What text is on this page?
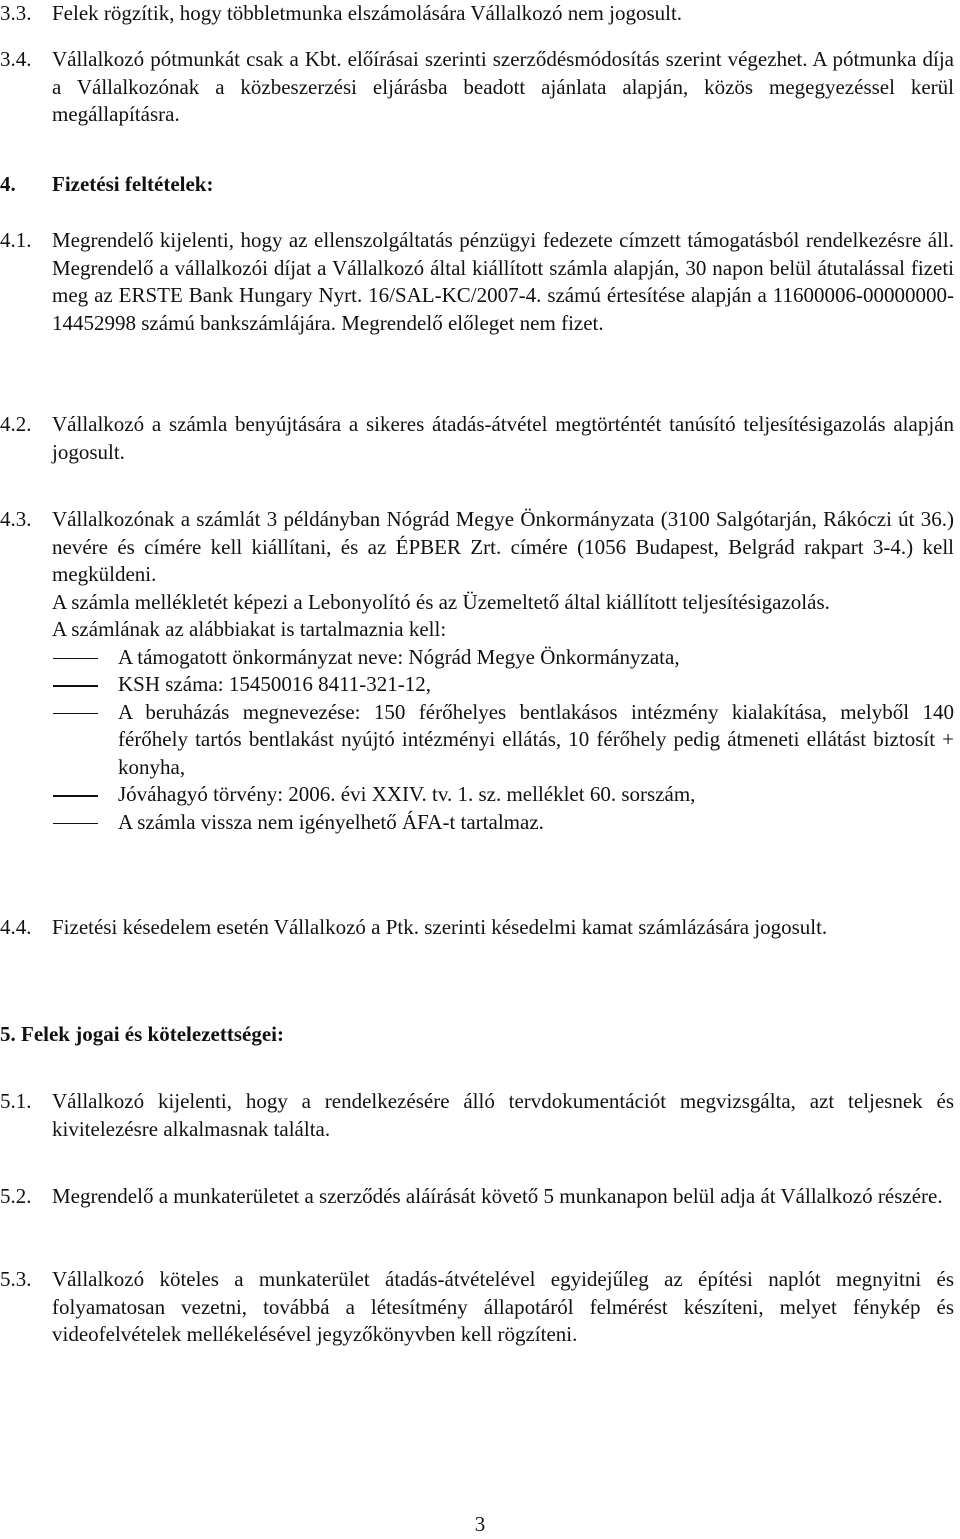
3.3. Felek rögzítik, hogy többletmunka elszámolására Vállalkozó nem jogosult.
3.4. Vállalkozó pótmunkát csak a Kbt. előírásai szerinti szerződésmódosítás szerint végezhet. A pótmunka díja a Vállalkozónak a közbeszerzési eljárásba beadott ajánlata alapján, közös megegyezéssel kerül megállapításra.
4.	Fizetési feltételek:
4.1. Megrendelő kijelenti, hogy az ellenszolgáltatás pénzügyi fedezete címzett támogatásból rendelkezésre áll. Megrendelő a vállalkozói díjat a Vállalkozó által kiállított számla alapján, 30 napon belül átutalással fizeti meg az ERSTE Bank Hungary Nyrt. 16/SAL-KC/2007-4. számú értesítése alapján a 11600006-00000000-14452998 számú bankszámlájára. Megrendelő előleget nem fizet.
4.2. Vállalkozó a számla benyújtására a sikeres átadás-átvétel megtörténtét tanúsító teljesítésigazolás alapján jogosult.
4.3. Vállalkozónak a számlát 3 példányban Nógrád Megye Önkormányzata (3100 Salgótarján, Rákóczi út 36.) nevére és címére kell kiállítani, és az ÉPBER Zrt. címére (1056 Budapest, Belgrád rakpart 3-4.) kell megküldeni.

A számla mellékletét képezi a Lebonyolító és az Üzemeltető által kiállított teljesítésigazolás.

A számlának az alábbiakat is tartalmaznia kell:

A támogatott önkormányzat neve: Nógrád Megye Önkormányzata,
KSH száma: 15450016 8411-321-12,
A beruházás megnevezése: 150 férőhelyes bentlakásos intézmény kialakítása, melyből 140 férőhely tartós bentlakást nyújtó intézményi ellátás, 10 férőhely pedig átmeneti ellátást biztosít + konyha,
Jóváhagyó törvény: 2006. évi XXIV. tv. 1. sz. melléklet 60. sorszám,
A számla vissza nem igényelhető ÁFA-t tartalmaz.
4.4. Fizetési késedelem esetén Vállalkozó a Ptk. szerinti késedelmi kamat számlázására jogosult.
5. Felek jogai és kötelezettségei:
5.1. Vállalkozó kijelenti, hogy a rendelkezésére álló tervdokumentációt megvizsgálta, azt teljesnek és kivitelezésre alkalmasnak találta.
5.2. Megrendelő a munkaterületet a szerződés aláírását követő 5 munkanapon belül adja át Vállalkozó részére.
5.3. Vállalkozó köteles a munkaterület átadás-átvételével egyidejűleg az építési naplót megnyitni és folyamatosan vezetni, továbbá a létesítmény állapotáról felmérést készíteni, melyet fénykép és videofelvételek mellékelésével jegyzőkönyvben kell rögzíteni.
3
